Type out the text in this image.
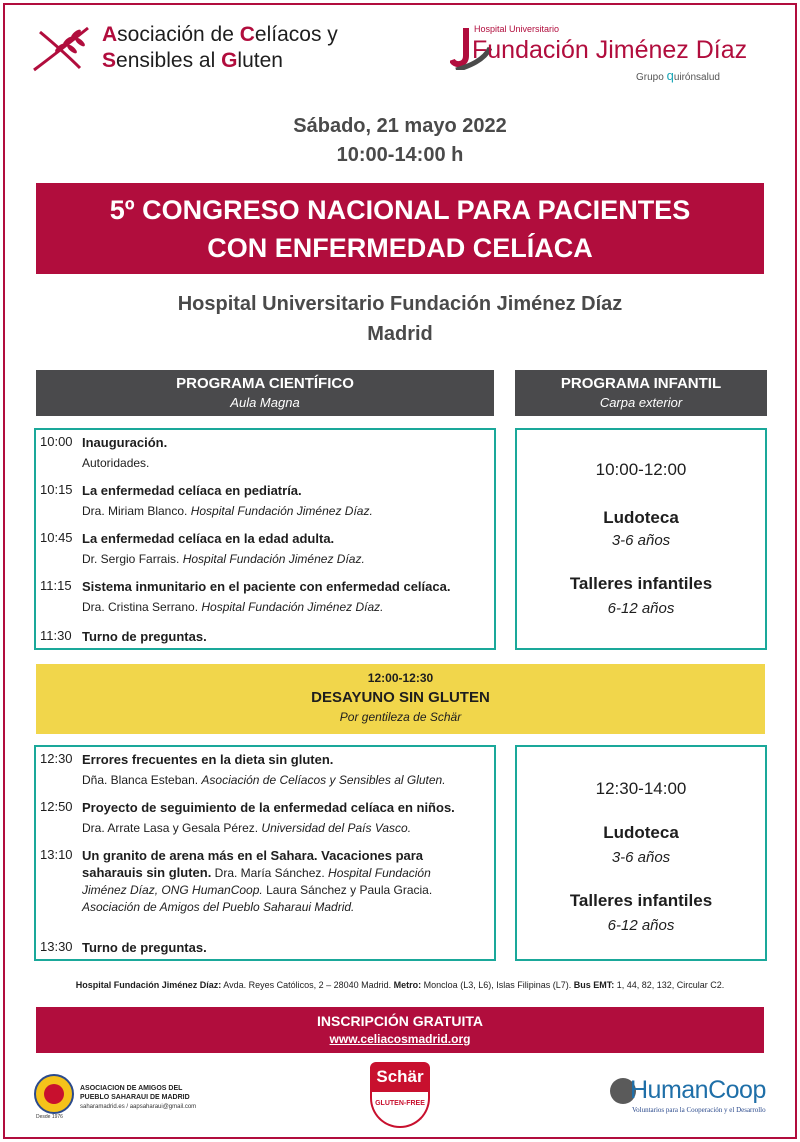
Asociación de Celíacos y
Sensibles al Gluten
Hospital Universitario
Fundación Jiménez Díaz
Grupo quirónsalud
Sábado, 21 mayo 2022
10:00-14:00 h
5º CONGRESO NACIONAL PARA PACIENTES
CON ENFERMEDAD CELÍACA
Hospital Universitario Fundación Jiménez Díaz
Madrid
PROGRAMA CIENTÍFICO
Aula Magna
PROGRAMA INFANTIL
Carpa exterior
10:00 Inauguración.
Autoridades.
10:15 La enfermedad celíaca en pediatría.
Dra. Miriam Blanco. Hospital Fundación Jiménez Díaz.
10:45 La enfermedad celíaca en la edad adulta.
Dr. Sergio Farrais. Hospital Fundación Jiménez Díaz.
11:15 Sistema inmunitario en el paciente con enfermedad celíaca.
Dra. Cristina Serrano. Hospital Fundación Jiménez Díaz.
11:30 Turno de preguntas.
10:00-12:00
Ludoteca
3-6 años
Talleres infantiles
6-12 años
12:00-12:30
DESAYUNO SIN GLUTEN
Por gentileza de Schär
12:30 Errores frecuentes en la dieta sin gluten.
Dña. Blanca Esteban. Asociación de Celíacos y Sensibles al Gluten.
12:50 Proyecto de seguimiento de la enfermedad celíaca en niños.
Dra. Arrate Lasa y Gesala Pérez. Universidad del País Vasco.
13:10 Un granito de arena más en el Sahara. Vacaciones para
saharauis sin gluten. Dra. María Sánchez. Hospital Fundación
Jiménez Díaz, ONG HumanCoop. Laura Sánchez y Paula Gracia.
Asociación de Amigos del Pueblo Saharaui Madrid.
13:30 Turno de preguntas.
12:30-14:00
Ludoteca
3-6 años
Talleres infantiles
6-12 años
Hospital Fundación Jiménez Díaz: Avda. Reyes Católicos, 2 – 28040 Madrid. Metro: Moncloa (L3, L6), Islas Filipinas (L7). Bus EMT: 1, 44, 82, 132, Circular C2.
INSCRIPCIÓN GRATUITA
www.celiacosmadrid.org
Desde 1976
ASOCIACION DE AMIGOS DEL
PUEBLO SAHARAUI DE MADRID
saharamadrid.es / aapsaharaui@gmail.com
Schär
GLUTEN-FREE	HumanCoop
Voluntarios para la Cooperación y el Desarrollo
